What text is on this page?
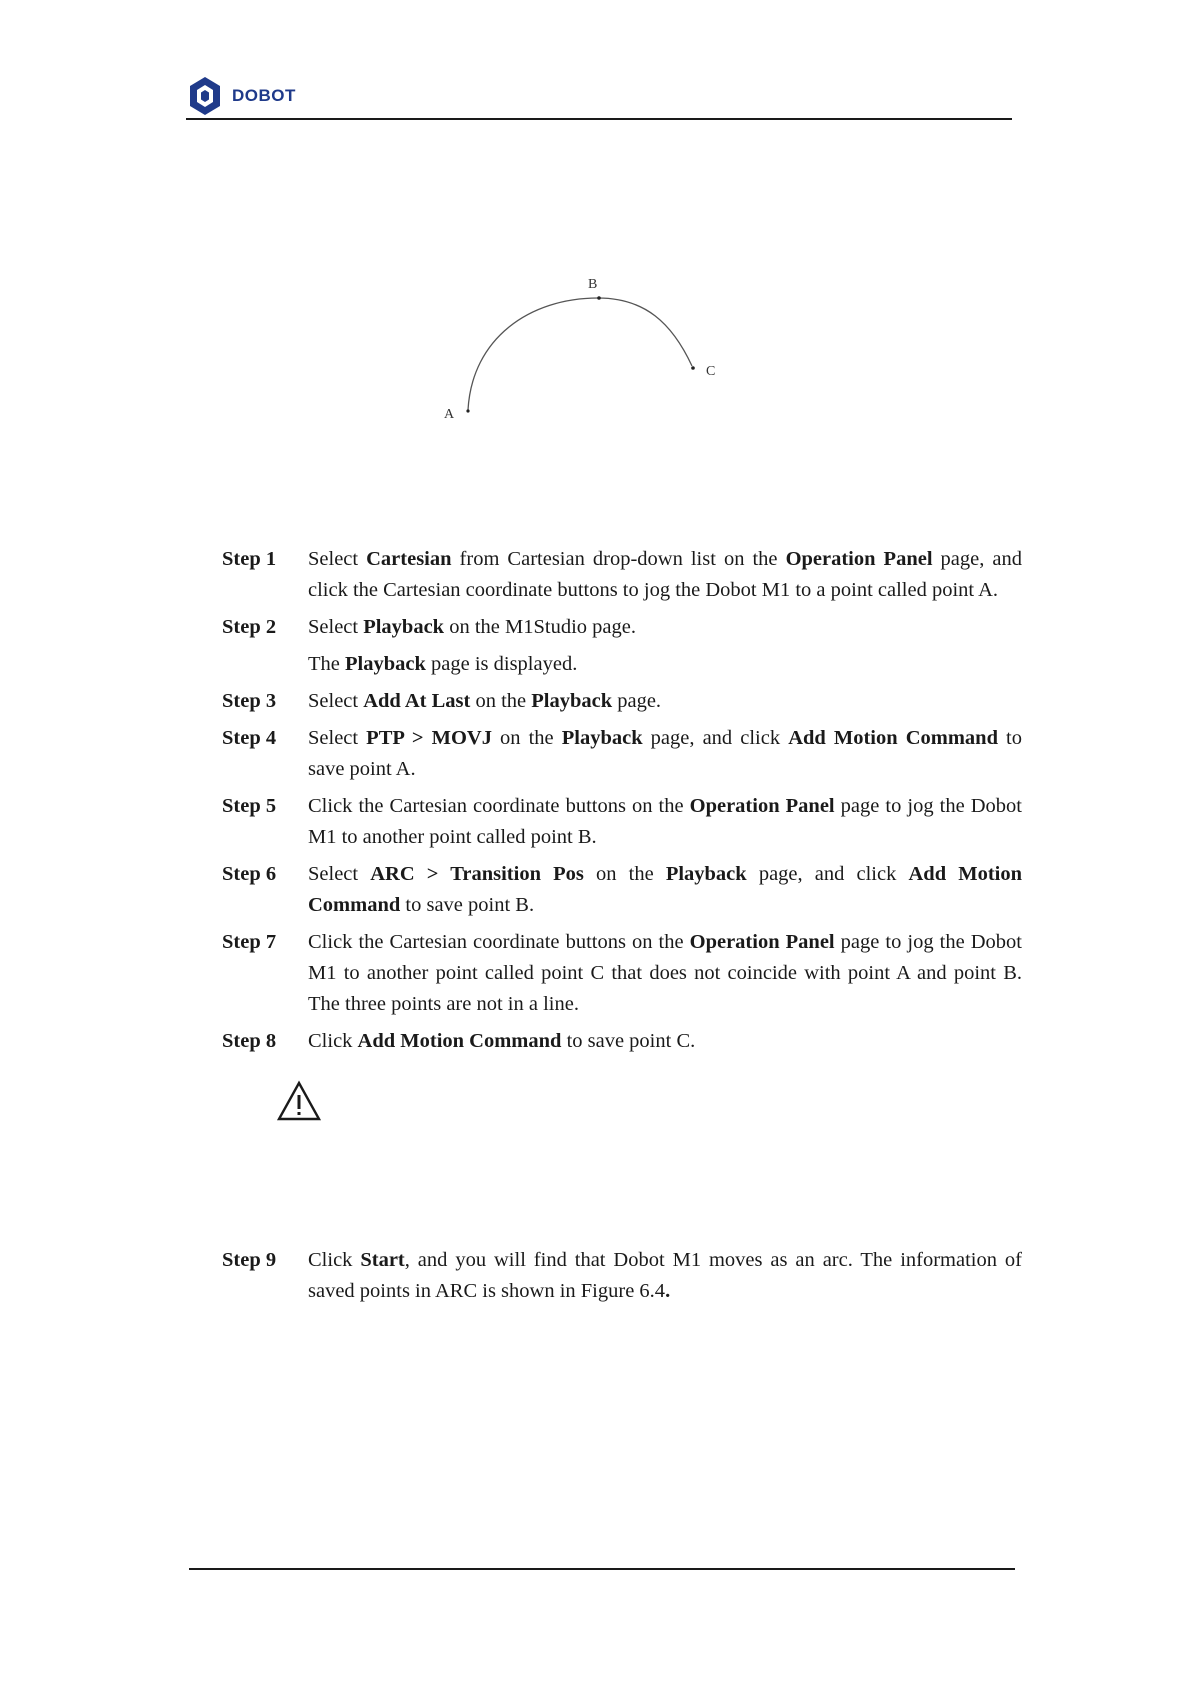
DOBOT
A
B
C
Step 1 Select Cartesian from Cartesian drop-down list on the Operation Panel page, and click the Cartesian coordinate buttons to jog the Dobot M1 to a point called point A.

Step 2 Select Playback on the M1Studio page.

The Playback page is displayed.

Step 3 Select Add At Last on the Playback page.

Step 4 Select PTP > MOVJ on the Playback page, and click Add Motion Command to save point A.

Step 5 Click the Cartesian coordinate buttons on the Operation Panel page to jog the Dobot M1 to another point called point B.

Step 6 Select ARC > Transition Pos on the Playback page, and click Add Motion Command to save point B.

Step 7 Click the Cartesian coordinate buttons on the Operation Panel page to jog the Dobot M1 to another point called point C that does not coincide with point A and point B. The three points are not in a line.

Step 8 Click Add Motion Command to save point C.

Step 9 Click Start, and you will find that Dobot M1 moves as an arc. The information of saved points in ARC is shown in Figure 6.4.
